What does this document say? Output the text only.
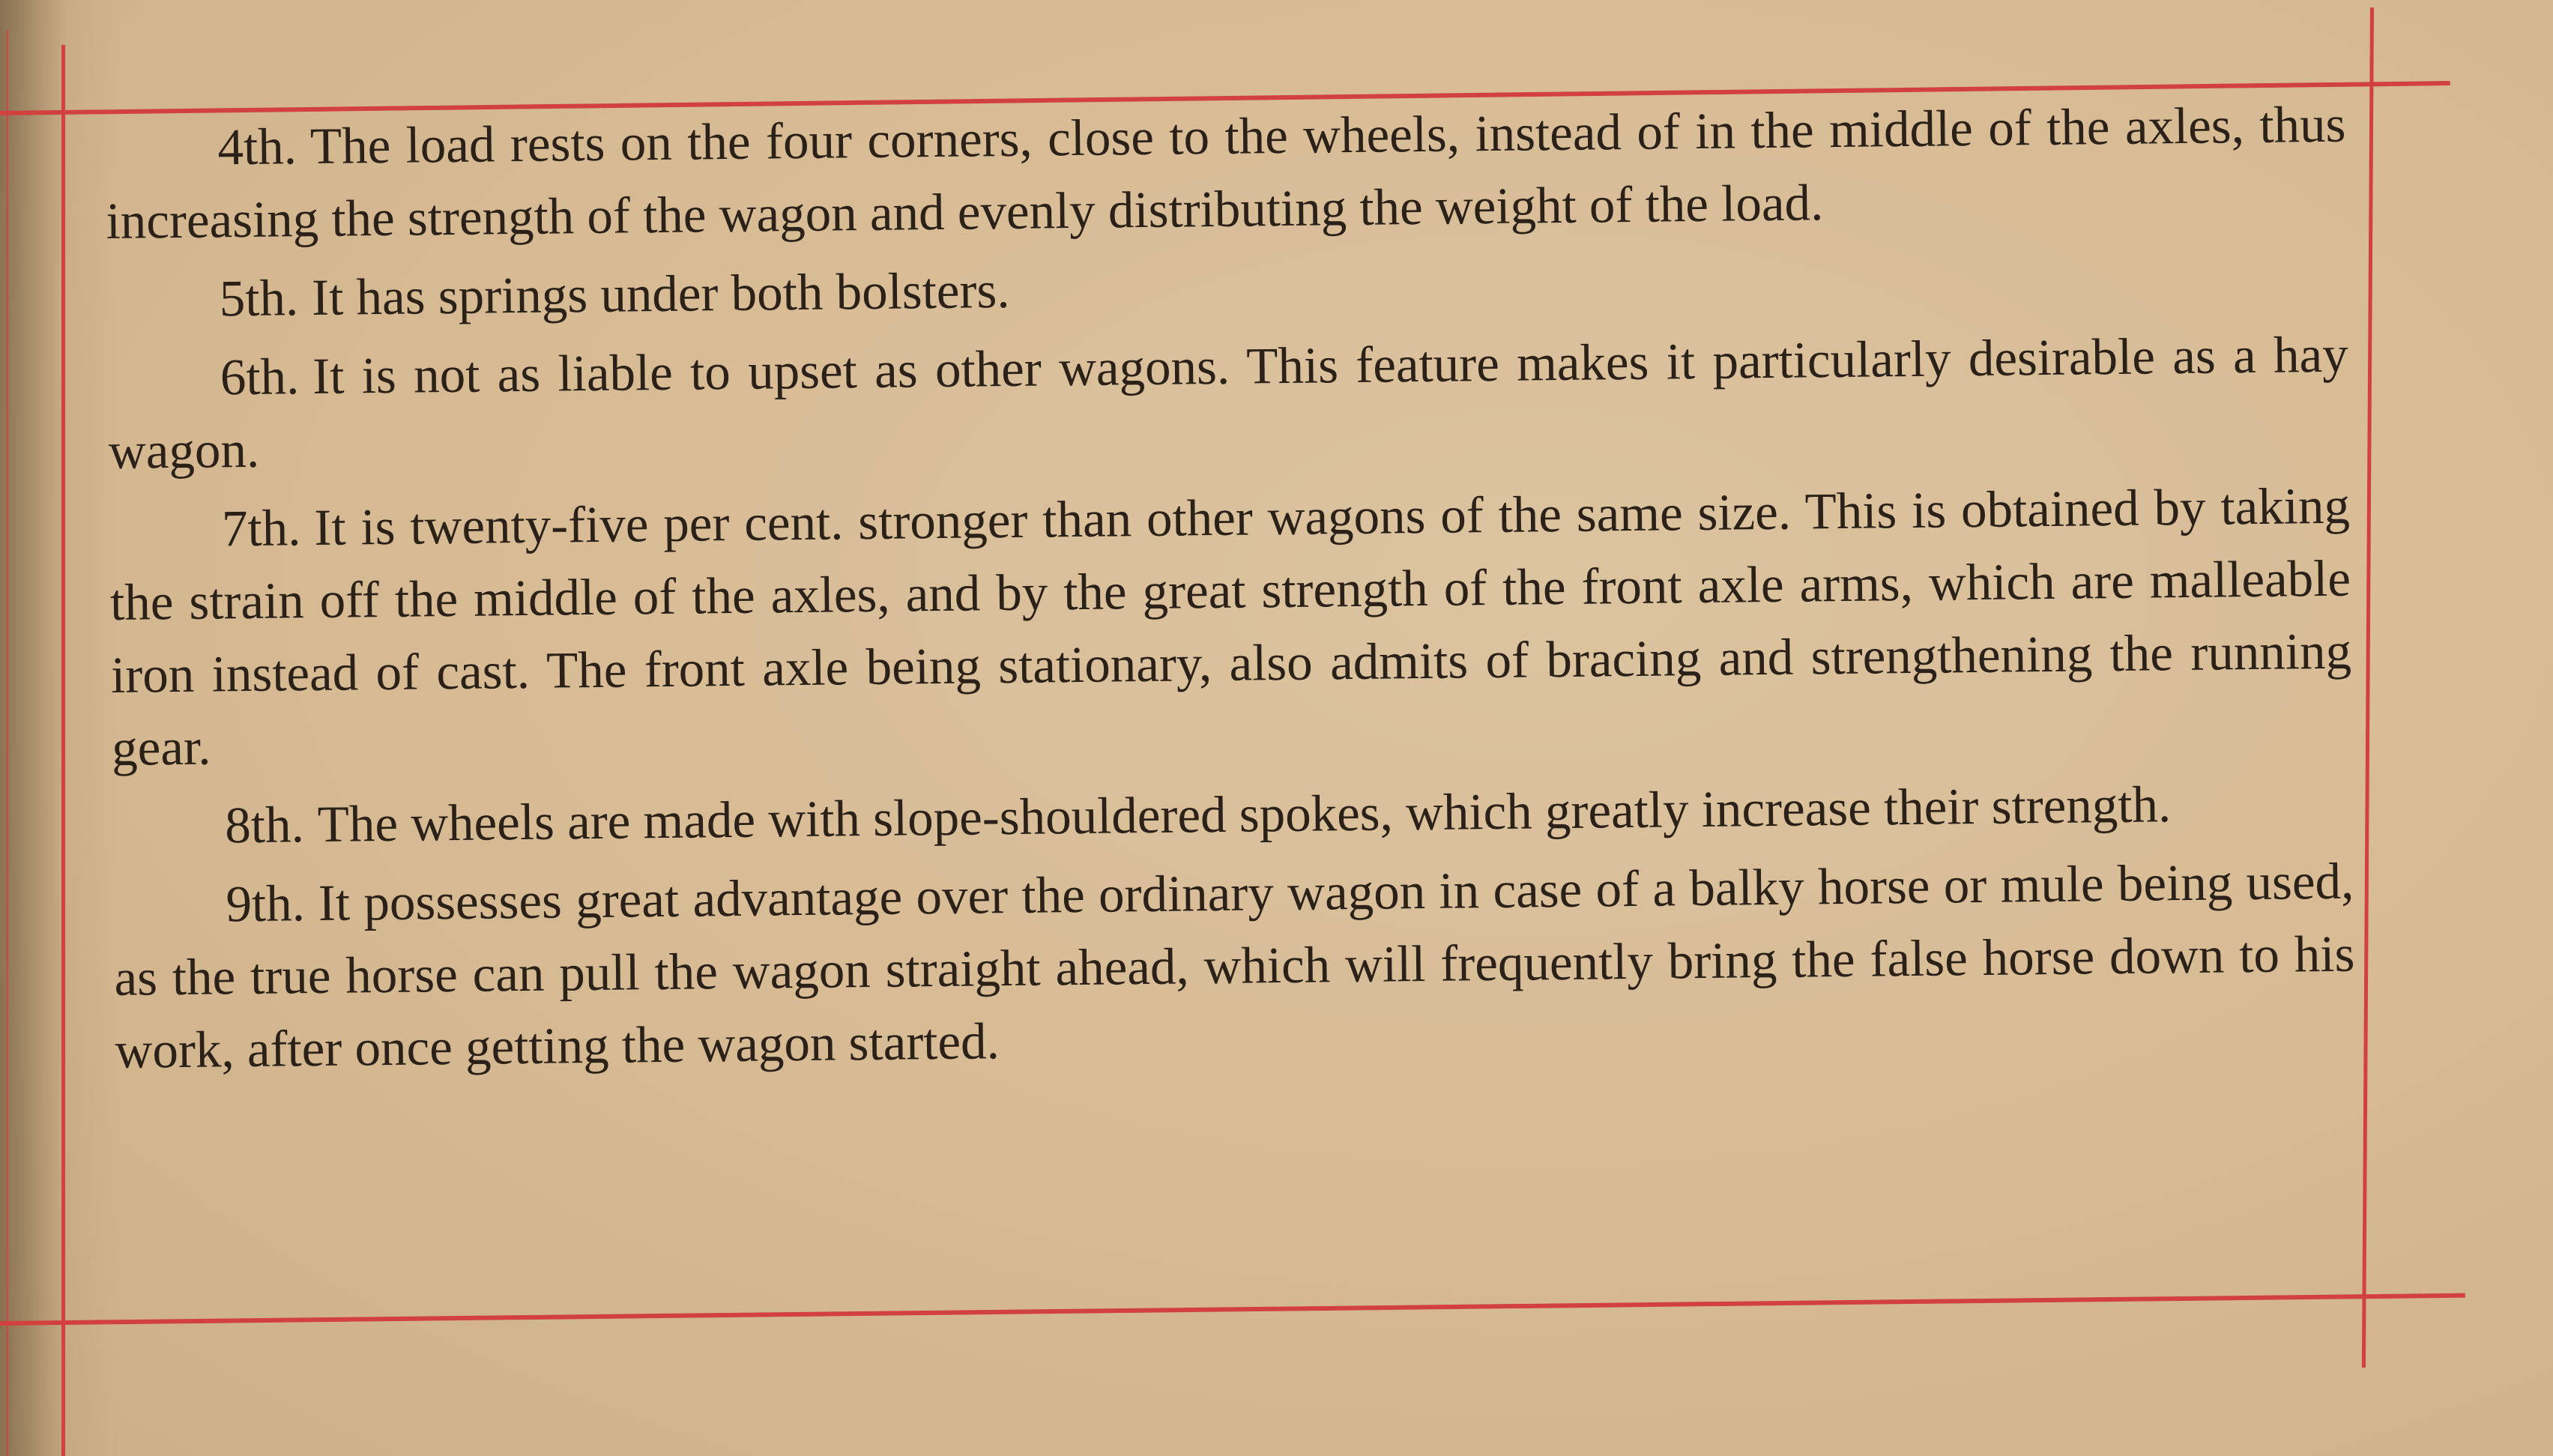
4th. The load rests on the four corners, close to the wheels, instead of in the middle of the axles, thus increasing the strength of the wagon and evenly distributing the weight of the load.

5th. It has springs under both bolsters.

6th. It is not as liable to upset as other wagons. This feature makes it particularly desirable as a hay wagon.

7th. It is twenty-five per cent. stronger than other wagons of the same size. This is obtained by taking the strain off the middle of the axles, and by the great strength of the front axle arms, which are malleable iron instead of cast. The front axle being stationary, also admits of bracing and strengthening the running gear.

8th. The wheels are made with slope-shouldered spokes, which greatly increase their strength.

9th. It possesses great advantage over the ordinary wagon in case of a balky horse or mule being used, as the true horse can pull the wagon straight ahead, which will frequently bring the false horse down to his work, after once getting the wagon started.
